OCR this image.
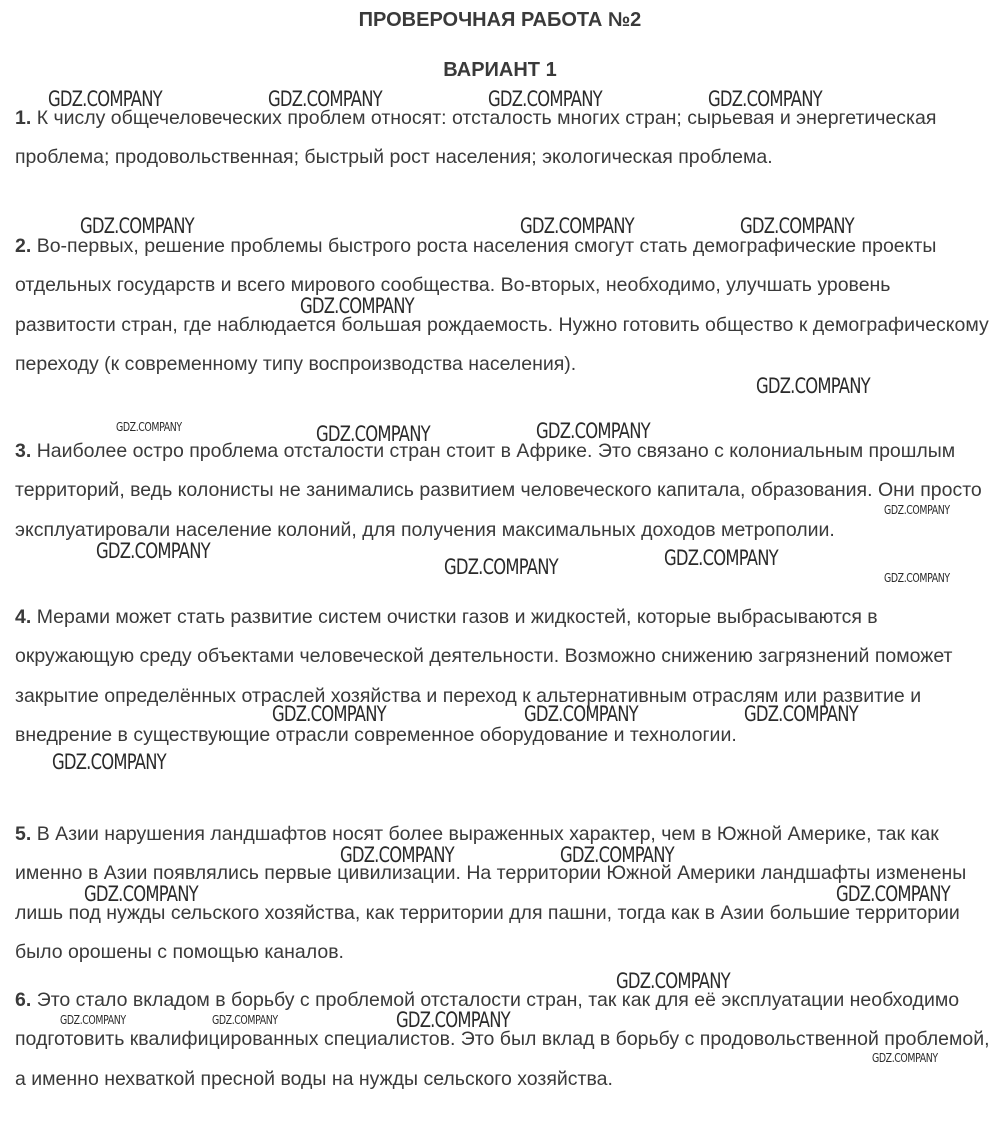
ПРОВЕРОЧНАЯ РАБОТА №2
ВАРИАНТ 1

1. К числу общечеловеческих проблем относят: отсталость многих стран; сырьевая и энергетическая проблема; продовольственная; быстрый рост населения; экологическая проблема.

2. Во-первых, решение проблемы быстрого роста населения смогут стать демографические проекты отдельных государств и всего мирового сообщества. Во-вторых, необходимо, улучшать уровень развитости стран, где наблюдается большая рождаемость. Нужно готовить общество к демографическому переходу (к современному типу воспроизводства населения).

3. Наиболее остро проблема отсталости стран стоит в Африке. Это связано с колониальным прошлым территорий, ведь колонисты не занимались развитием человеческого капитала, образования. Они просто эксплуатировали население колоний, для получения максимальных доходов метрополии.

4. Мерами может стать развитие систем очистки газов и жидкостей, которые выбрасываются в окружающую среду объектами человеческой деятельности. Возможно снижению загрязнений поможет закрытие определённых отраслей хозяйства и переход к альтернативным отраслям или развитие и внедрение в существующие отрасли современное оборудование и технологии.

5. В Азии нарушения ландшафтов носят более выраженных характер, чем в Южной Америке, так как именно в Азии появлялись первые цивилизации. На территории Южной Америки ландшафты изменены лишь под нужды сельского хозяйства, как территории для пашни, тогда как в Азии большие территории было орошены с помощью каналов.

6. Это стало вкладом в борьбу с проблемой отсталости стран, так как для её эксплуатации необходимо подготовить квалифицированных специалистов. Это был вклад в борьбу с продовольственной проблемой, а именно нехваткой пресной воды на нужды сельского хозяйства.

GDZ.COMPANY	GDZ.COMPANY	GDZ.COMPANY	GDZ.COMPANY
GDZ.COMPANY	GDZ.COMPANY	GDZ.COMPANY
GDZ.COMPANY
GDZ.COMPANY
GDZ.COMPANY	GDZ.COMPANY	GDZ.COMPANY
GDZ.COMPANY
GDZ.COMPANY	GDZ.COMPANY
GDZ.COMPANY	GDZ.COMPANY
GDZ.COMPANY	GDZ.COMPANY	GDZ.COMPANY
GDZ.COMPANY
GDZ.COMPANY	GDZ.COMPANY
GDZ.COMPANY	GDZ.COMPANY
GDZ.COMPANY
GDZ.COMPANY	GDZ.COMPANY	GDZ.COMPANY
GDZ.COMPANY
